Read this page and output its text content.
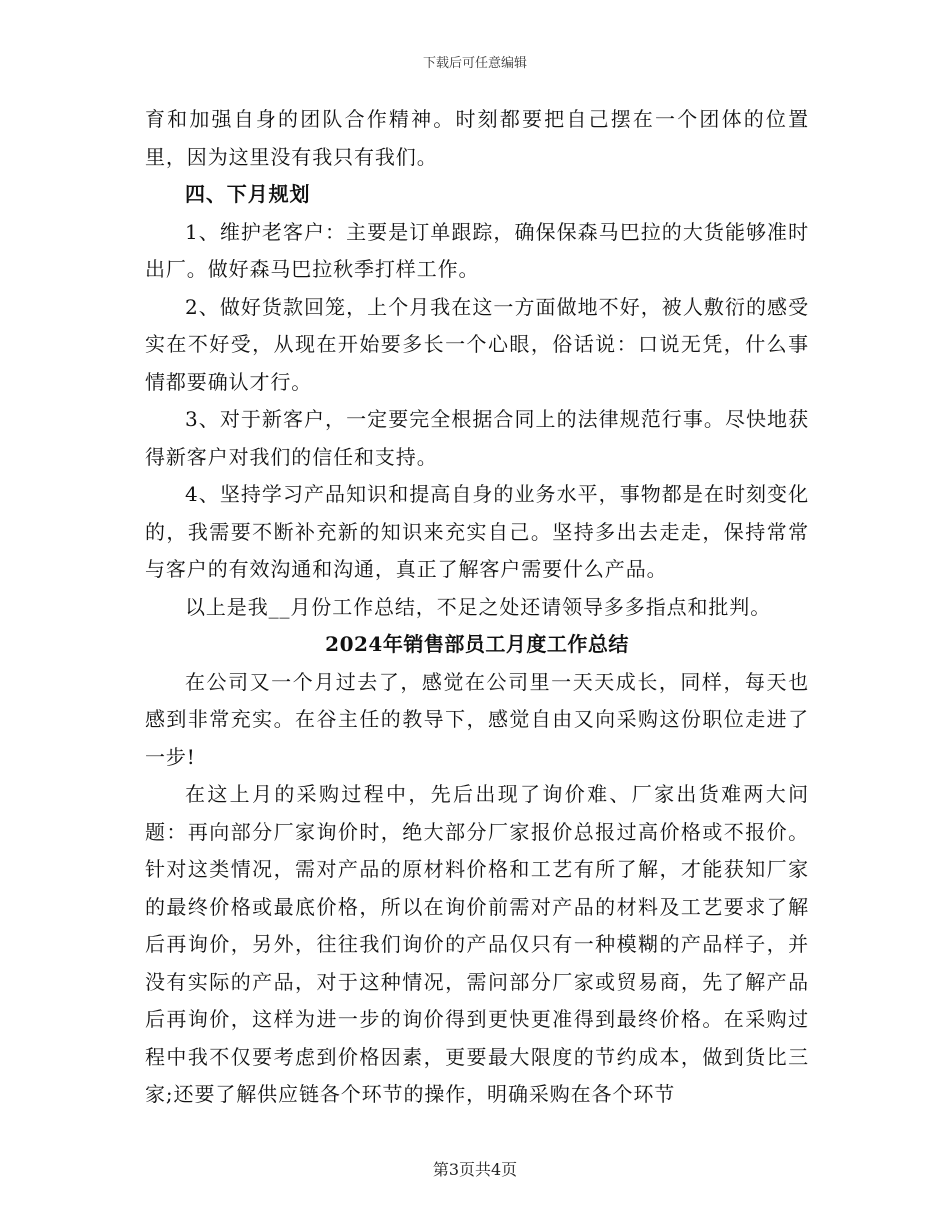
下载后可任意编辑

育和加强自身的团队合作精神。时刻都要把自己摆在一个团体的位置里，因为这里没有我只有我们。

四、下月规划

1、维护老客户：主要是订单跟踪，确保保森马巴拉的大货能够准时出厂。做好森马巴拉秋季打样工作。

2、做好货款回笼，上个月我在这一方面做地不好，被人敷衍的感受实在不好受，从现在开始要多长一个心眼，俗话说：口说无凭，什么事情都要确认才行。

3、对于新客户，一定要完全根据合同上的法律规范行事。尽快地获得新客户对我们的信任和支持。

4、坚持学习产品知识和提高自身的业务水平，事物都是在时刻变化的，我需要不断补充新的知识来充实自己。坚持多出去走走，保持常常与客户的有效沟通和沟通，真正了解客户需要什么产品。

以上是我__月份工作总结，不足之处还请领导多多指点和批判。

2024年销售部员工月度工作总结

在公司又一个月过去了，感觉在公司里一天天成长，同样，每天也感到非常充实。在谷主任的教导下，感觉自由又向采购这份职位走进了一步!

在这上月的采购过程中，先后出现了询价难、厂家出货难两大问题：再向部分厂家询价时，绝大部分厂家报价总报过高价格或不报价。针对这类情况，需对产品的原材料价格和工艺有所了解，才能获知厂家的最终价格或最底价格，所以在询价前需对产品的材料及工艺要求了解后再询价，另外，往往我们询价的产品仅只有一种模糊的产品样子，并没有实际的产品，对于这种情况，需问部分厂家或贸易商，先了解产品后再询价，这样为进一步的询价得到更快更准得到最终价格。在采购过程中我不仅要考虑到价格因素，更要最大限度的节约成本，做到货比三家;还要了解供应链各个环节的操作，明确采购在各个环节

第3页共4页
